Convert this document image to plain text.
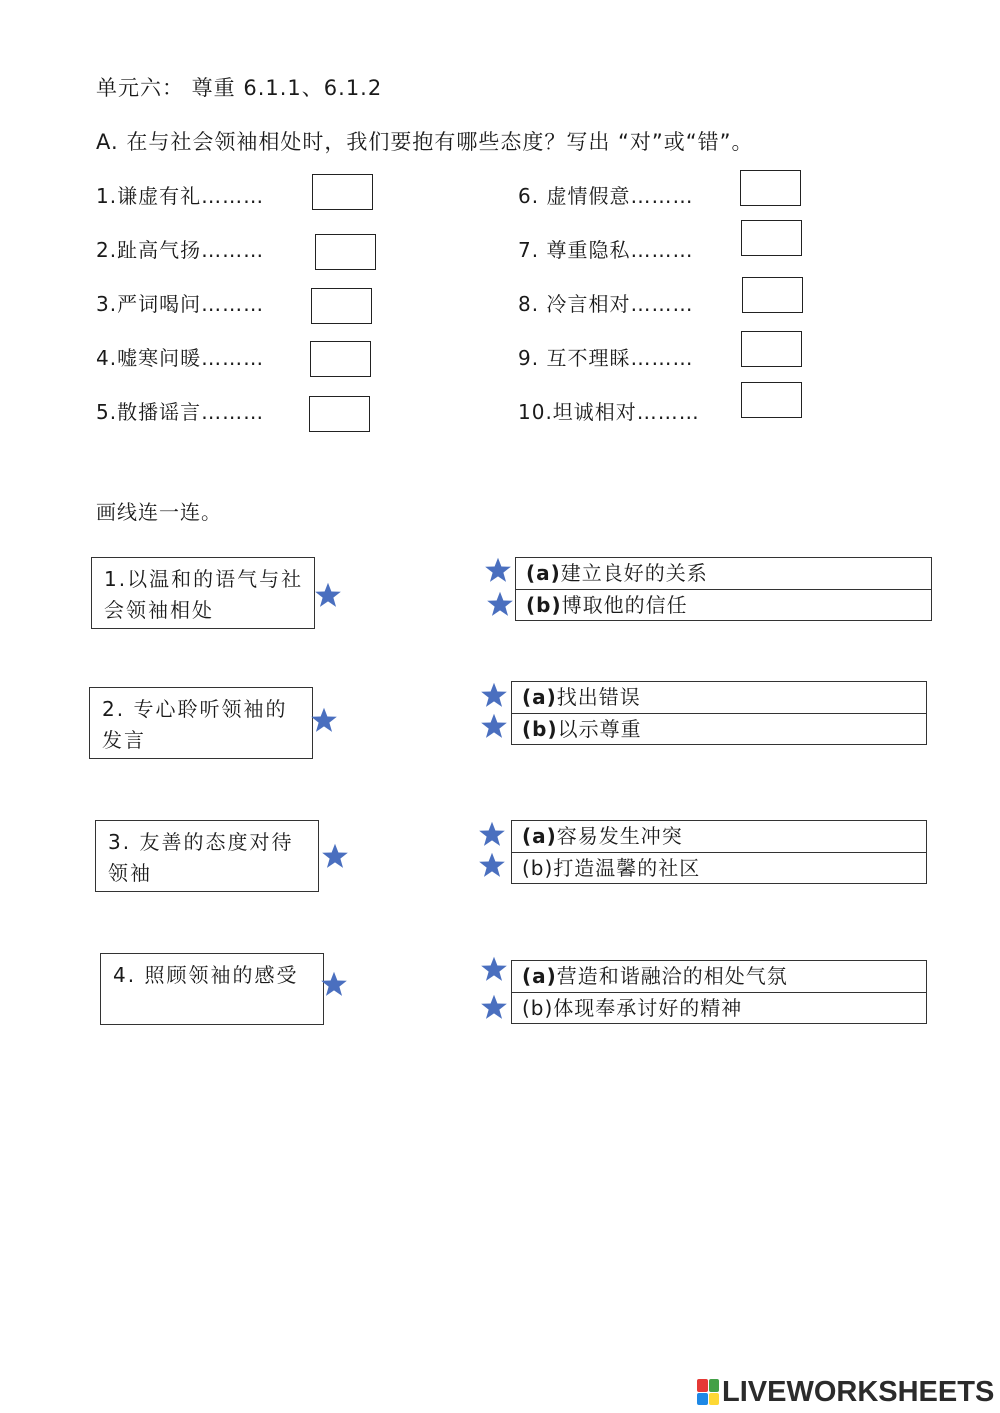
单元六： 尊重 6.1.1、6.1.2
A. 在与社会领袖相处时，我们要抱有哪些态度？写出 “对”或“错”。
1.谦虚有礼………
2.趾高气扬………
3.严词喝问………
4.嘘寒问暖………
5.散播谣言………
6. 虚情假意………
7. 尊重隐私………
8. 冷言相对………
9. 互不理睬………
10.坦诚相对………
画线连一连。
1.以温和的语气与社会领袖相处
(a)建立良好的关系
(b)博取他的信任
2. 专心聆听领袖的发言
(a)找出错误
(b)以示尊重
3. 友善的态度对待领袖
(a)容易发生冲突
(b)打造温馨的社区
4. 照顾领袖的感受	(a)营造和谐融洽的相处气氛
(b)体现奉承讨好的精神
LIVEWORKSHEETS
